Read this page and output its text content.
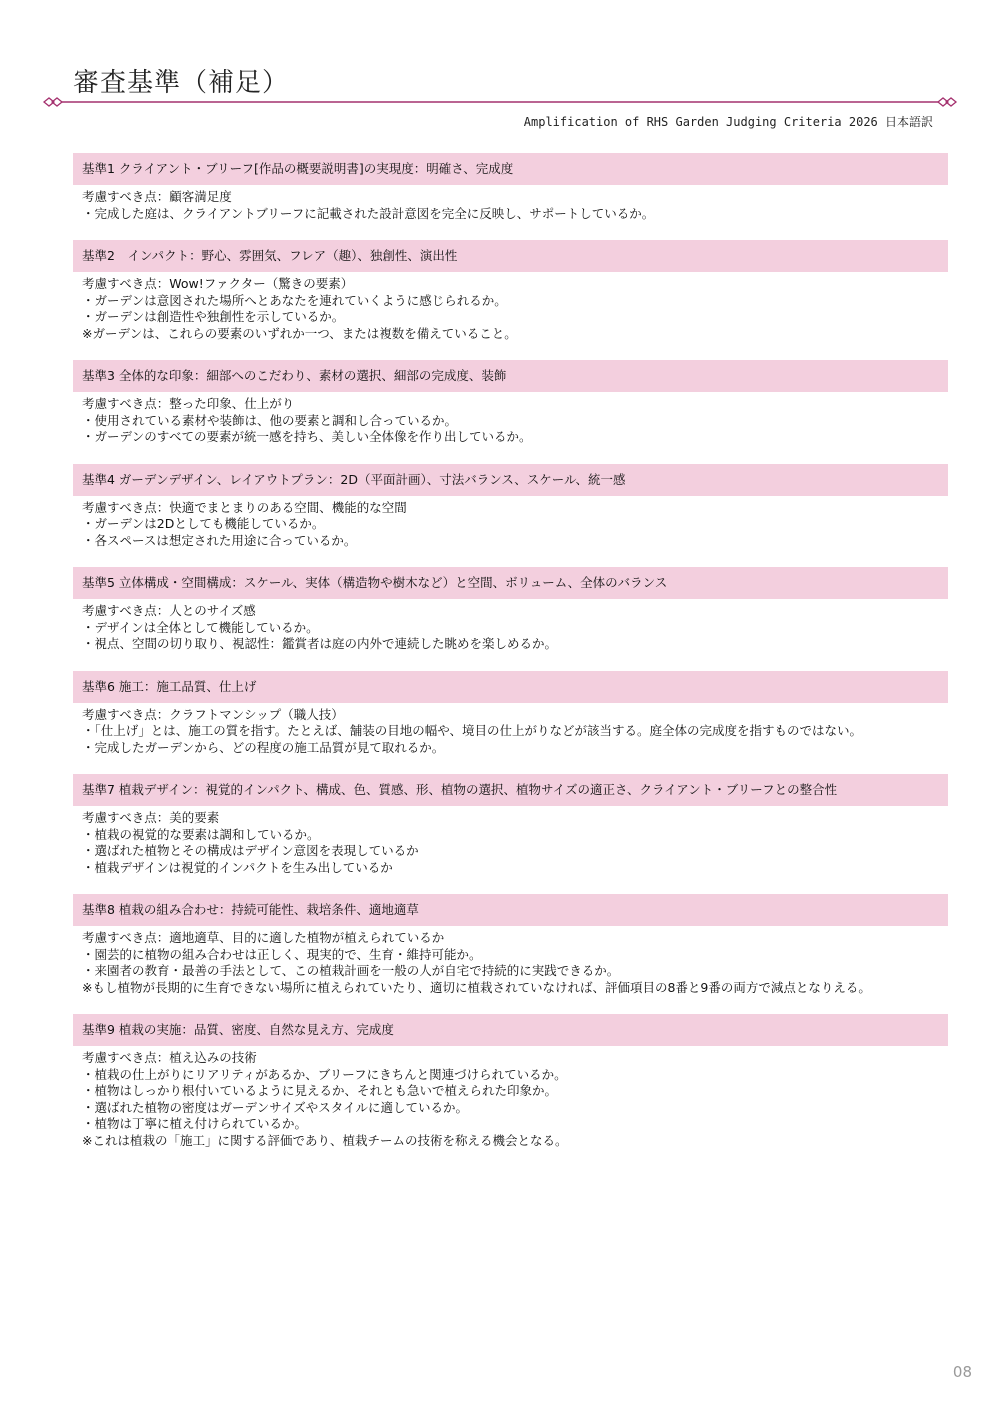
審査基準（補足）
Amplification of RHS Garden Judging Criteria 2026 日本語訳
基準1 クライアント・ブリーフ[作品の概要説明書]の実現度：明確さ、完成度
考慮すべき点：顧客満足度
・完成した庭は、クライアントブリーフに記載された設計意図を完全に反映し、サポートしているか。
基準2　インパクト：野心、雰囲気、フレア（趣）、独創性、演出性
考慮すべき点：Wow!ファクター（驚きの要素）
・ガーデンは意図された場所へとあなたを連れていくように感じられるか。
・ガーデンは創造性や独創性を示しているか。
※ガーデンは、これらの要素のいずれか一つ、または複数を備えていること。
基準3 全体的な印象：細部へのこだわり、素材の選択、細部の完成度、装飾
考慮すべき点：整った印象、仕上がり
・使用されている素材や装飾は、他の要素と調和し合っているか。
・ガーデンのすべての要素が統一感を持ち、美しい全体像を作り出しているか。
基準4 ガーデンデザイン、レイアウトプラン：2D（平面計画）、寸法バランス、スケール、統一感
考慮すべき点：快適でまとまりのある空間、機能的な空間
・ガーデンは2Dとしても機能しているか。
・各スペースは想定された用途に合っているか。
基準5 立体構成・空間構成：スケール、実体（構造物や樹木など）と空間、ボリューム、全体のバランス
考慮すべき点：人とのサイズ感
・デザインは全体として機能しているか。
・視点、空間の切り取り、視認性：鑑賞者は庭の内外で連続した眺めを楽しめるか。
基準6 施工：施工品質、仕上げ
考慮すべき点：クラフトマンシップ（職人技）
・「仕上げ」とは、施工の質を指す。たとえば、舗装の目地の幅や、境目の仕上がりなどが該当する。庭全体の完成度を指すものではない。
・完成したガーデンから、どの程度の施工品質が見て取れるか。
基準7 植栽デザイン：視覚的インパクト、構成、色、質感、形、植物の選択、植物サイズの適正さ、クライアント・ブリーフとの整合性
考慮すべき点：美的要素
・植栽の視覚的な要素は調和しているか。
・選ばれた植物とその構成はデザイン意図を表現しているか
・植栽デザインは視覚的インパクトを生み出しているか
基準8 植栽の組み合わせ：持続可能性、栽培条件、適地適草
考慮すべき点：適地適草、目的に適した植物が植えられているか
・園芸的に植物の組み合わせは正しく、現実的で、生育・維持可能か。
・来園者の教育・最善の手法として、この植栽計画を一般の人が自宅で持続的に実践できるか。
※もし植物が長期的に生育できない場所に植えられていたり、適切に植栽されていなければ、評価項目の8番と9番の両方で減点となりえる。
基準9 植栽の実施：品質、密度、自然な見え方、完成度
考慮すべき点：植え込みの技術
・植栽の仕上がりにリアリティがあるか、ブリーフにきちんと関連づけられているか。
・植物はしっかり根付いているように見えるか、それとも急いで植えられた印象か。
・選ばれた植物の密度はガーデンサイズやスタイルに適しているか。
・植物は丁寧に植え付けられているか。
※これは植栽の「施工」に関する評価であり、植栽チームの技術を称える機会となる。
08
